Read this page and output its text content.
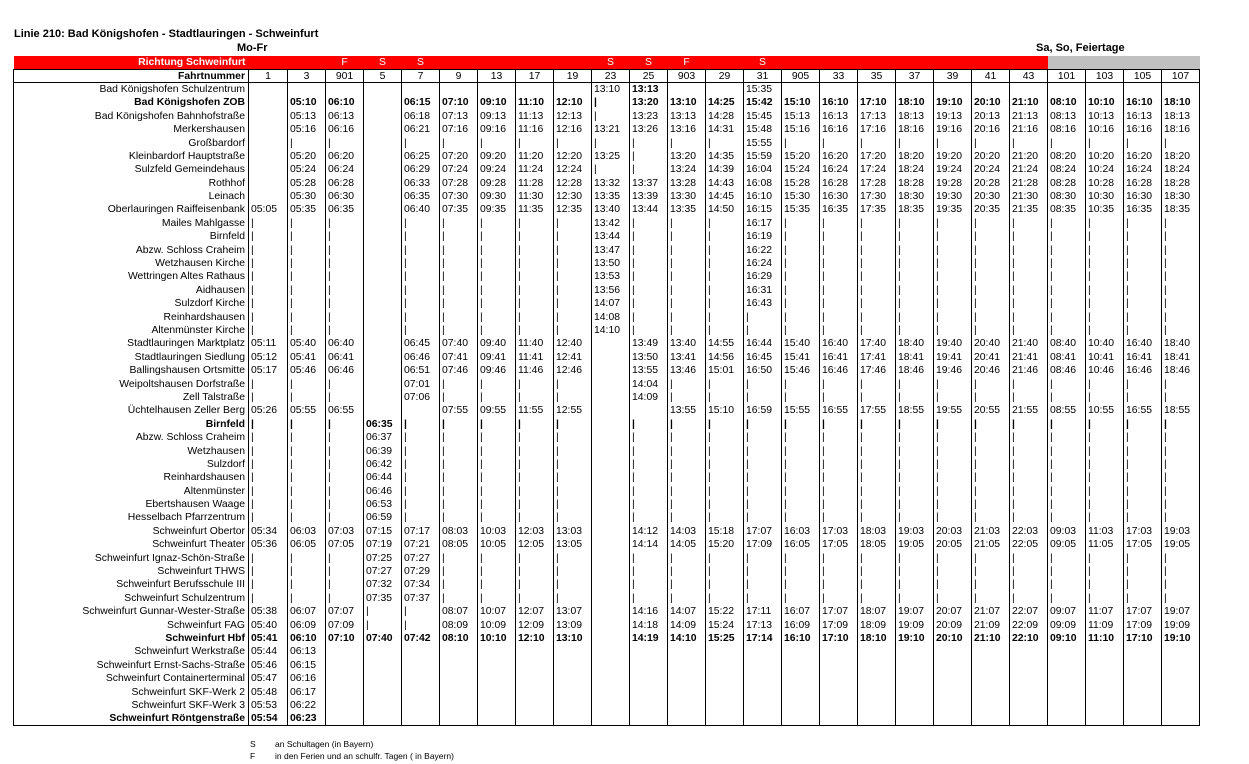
Linie 210: Bad Königshofen - Stadtlauringen - Schweinfurt
Mo-Fr	Sa, So, Feiertage
Richtung Schweinfurt			F	S	S					S	S	F		S											
Fahrtnummer	1	3	901	5	7	9	13	17	19	23	25	903	29	31	905	33	35	37	39	41	43	101	103	105	107
Bad Königshofen Schulzentrum										13:10	13:13			15:35											
Bad Königshofen ZOB		05:10	06:10		06:15	07:10	09:10	11:10	12:10	|	13:20	13:10	14:25	15:42	15:10	16:10	17:10	18:10	19:10	20:10	21:10	08:10	10:10	16:10	18:10
Bad Königshofen Bahnhofstraße		05:13	06:13		06:18	07:13	09:13	11:13	12:13	|	13:23	13:13	14:28	15:45	15:13	16:13	17:13	18:13	19:13	20:13	21:13	08:13	10:13	16:13	18:13
Merkershausen		05:16	06:16		06:21	07:16	09:16	11:16	12:16	13:21	13:26	13:16	14:31	15:48	15:16	16:16	17:16	18:16	19:16	20:16	21:16	08:16	10:16	16:16	18:16
Großbardorf		|	|		|	|	|	|	|	|	|	|	|	15:55	|	|	|	|	|	|	|	|	|	|	|
Kleinbardorf Hauptstraße		05:20	06:20		06:25	07:20	09:20	11:20	12:20	13:25	|	13:20	14:35	15:59	15:20	16:20	17:20	18:20	19:20	20:20	21:20	08:20	10:20	16:20	18:20
Sulzfeld Gemeindehaus		05:24	06:24		06:29	07:24	09:24	11:24	12:24	|	|	13:24	14:39	16:04	15:24	16:24	17:24	18:24	19:24	20:24	21:24	08:24	10:24	16:24	18:24
Rothhof		05:28	06:28		06:33	07:28	09:28	11:28	12:28	13:32	13:37	13:28	14:43	16:08	15:28	16:28	17:28	18:28	19:28	20:28	21:28	08:28	10:28	16:28	18:28
Leinach		05:30	06:30		06:35	07:30	09:30	11:30	12:30	13:35	13:39	13:30	14:45	16:10	15:30	16:30	17:30	18:30	19:30	20:30	21:30	08:30	10:30	16:30	18:30
Oberlauringen Raiffeisenbank	05:05	05:35	06:35		06:40	07:35	09:35	11:35	12:35	13:40	13:44	13:35	14:50	16:15	15:35	16:35	17:35	18:35	19:35	20:35	21:35	08:35	10:35	16:35	18:35
Mailes Mahlgasse	|	|	|		|	|	|	|	|	13:42	|	|	|	16:17	|	|	|	|	|	|	|	|	|	|	|
Birnfeld	|	|	|		|	|	|	|	|	13:44	|	|	|	16:19	|	|	|	|	|	|	|	|	|	|	|
Abzw. Schloss Craheim	|	|	|		|	|	|	|	|	13:47	|	|	|	16:22	|	|	|	|	|	|	|	|	|	|	|
Wetzhausen Kirche	|	|	|		|	|	|	|	|	13:50	|	|	|	16:24	|	|	|	|	|	|	|	|	|	|	|
Wettringen Altes Rathaus	|	|	|		|	|	|	|	|	13:53	|	|	|	16:29	|	|	|	|	|	|	|	|	|	|	|
Aidhausen	|	|	|		|	|	|	|	|	13:56	|	|	|	16:31	|	|	|	|	|	|	|	|	|	|	|
Sulzdorf Kirche	|	|	|		|	|	|	|	|	14:07	|	|	|	16:43	|	|	|	|	|	|	|	|	|	|	|
Reinhardshausen	|	|	|		|	|	|	|	|	14:08	|	|	|	|	|	|	|	|	|	|	|	|	|	|	|
Altenmünster Kirche	|	|	|		|	|	|	|	|	14:10	|	|	|	|	|	|	|	|	|	|	|	|	|	|	|
Stadtlauringen Marktplatz	05:11	05:40	06:40		06:45	07:40	09:40	11:40	12:40		13:49	13:40	14:55	16:44	15:40	16:40	17:40	18:40	19:40	20:40	21:40	08:40	10:40	16:40	18:40
Stadtlauringen Siedlung	05:12	05:41	06:41		06:46	07:41	09:41	11:41	12:41		13:50	13:41	14:56	16:45	15:41	16:41	17:41	18:41	19:41	20:41	21:41	08:41	10:41	16:41	18:41
Ballingshausen Ortsmitte	05:17	05:46	06:46		06:51	07:46	09:46	11:46	12:46		13:55	13:46	15:01	16:50	15:46	16:46	17:46	18:46	19:46	20:46	21:46	08:46	10:46	16:46	18:46
Weipoltshausen Dorfstraße	|	|	|		07:01	|	|	|	|		14:04	|	|	|	|	|	|	|	|	|	|	|	|	|	|
Zell Talstraße	|	|	|		07:06	|	|	|	|		14:09	|	|	|	|	|	|	|	|	|	|	|	|	|	|
Üchtelhausen Zeller Berg	05:26	05:55	06:55			07:55	09:55	11:55	12:55			13:55	15:10	16:59	15:55	16:55	17:55	18:55	19:55	20:55	21:55	08:55	10:55	16:55	18:55
Birnfeld	|	|	|	06:35	|	|	|	|	|		|	|	|	|	|	|	|	|	|	|	|	|	|	|	|
Abzw. Schloss Craheim	|	|	|	06:37	|	|	|	|	|		|	|	|	|	|	|	|	|	|	|	|	|	|	|	|
Wetzhausen	|	|	|	06:39	|	|	|	|	|		|	|	|	|	|	|	|	|	|	|	|	|	|	|	|
Sulzdorf	|	|	|	06:42	|	|	|	|	|		|	|	|	|	|	|	|	|	|	|	|	|	|	|	|
Reinhardshausen	|	|	|	06:44	|	|	|	|	|		|	|	|	|	|	|	|	|	|	|	|	|	|	|	|
Altenmünster	|	|	|	06:46	|	|	|	|	|		|	|	|	|	|	|	|	|	|	|	|	|	|	|	|
Ebertshausen Waage	|	|	|	06:53	|	|	|	|	|		|	|	|	|	|	|	|	|	|	|	|	|	|	|	|
Hesselbach Pfarrzentrum	|	|	|	06:59	|	|	|	|	|		|	|	|	|	|	|	|	|	|	|	|	|	|	|	|
Schweinfurt Obertor	05:34	06:03	07:03	07:15	07:17	08:03	10:03	12:03	13:03		14:12	14:03	15:18	17:07	16:03	17:03	18:03	19:03	20:03	21:03	22:03	09:03	11:03	17:03	19:03
Schweinfurt Theater	05:36	06:05	07:05	07:19	07:21	08:05	10:05	12:05	13:05		14:14	14:05	15:20	17:09	16:05	17:05	18:05	19:05	20:05	21:05	22:05	09:05	11:05	17:05	19:05
Schweinfurt Ignaz-Schön-Straße	|	|	|	07:25	07:27	|	|	|	|		|	|	|	|	|	|	|	|	|	|	|	|	|	|	|
Schweinfurt THWS	|	|	|	07:27	07:29	|	|	|	|		|	|	|	|	|	|	|	|	|	|	|	|	|	|	|
Schweinfurt Berufsschule III	|	|	|	07:32	07:34	|	|	|	|		|	|	|	|	|	|	|	|	|	|	|	|	|	|	|
Schweinfurt Schulzentrum	|	|	|	07:35	07:37	|	|	|	|		|	|	|	|	|	|	|	|	|	|	|	|	|	|	|
Schweinfurt Gunnar-Wester-Straße	05:38	06:07	07:07	|	|	08:07	10:07	12:07	13:07		14:16	14:07	15:22	17:11	16:07	17:07	18:07	19:07	20:07	21:07	22:07	09:07	11:07	17:07	19:07
Schweinfurt FAG	05:40	06:09	07:09	|	|	08:09	10:09	12:09	13:09		14:18	14:09	15:24	17:13	16:09	17:09	18:09	19:09	20:09	21:09	22:09	09:09	11:09	17:09	19:09
Schweinfurt Hbf	05:41	06:10	07:10	07:40	07:42	08:10	10:10	12:10	13:10		14:19	14:10	15:25	17:14	16:10	17:10	18:10	19:10	20:10	21:10	22:10	09:10	11:10	17:10	19:10
Schweinfurt Werkstraße	05:44	06:13																							
Schweinfurt Ernst-Sachs-Straße	05:46	06:15																							
Schweinfurt Containerterminal	05:47	06:16																							
Schweinfurt SKF-Werk 2	05:48	06:17																							
Schweinfurt SKF-Werk 3	05:53	06:22																							
Schweinfurt Röntgenstraße	05:54	06:23																							
S	an Schultagen (in Bayern)
F	in den Ferien und an schulfr. Tagen ( in Bayern)
